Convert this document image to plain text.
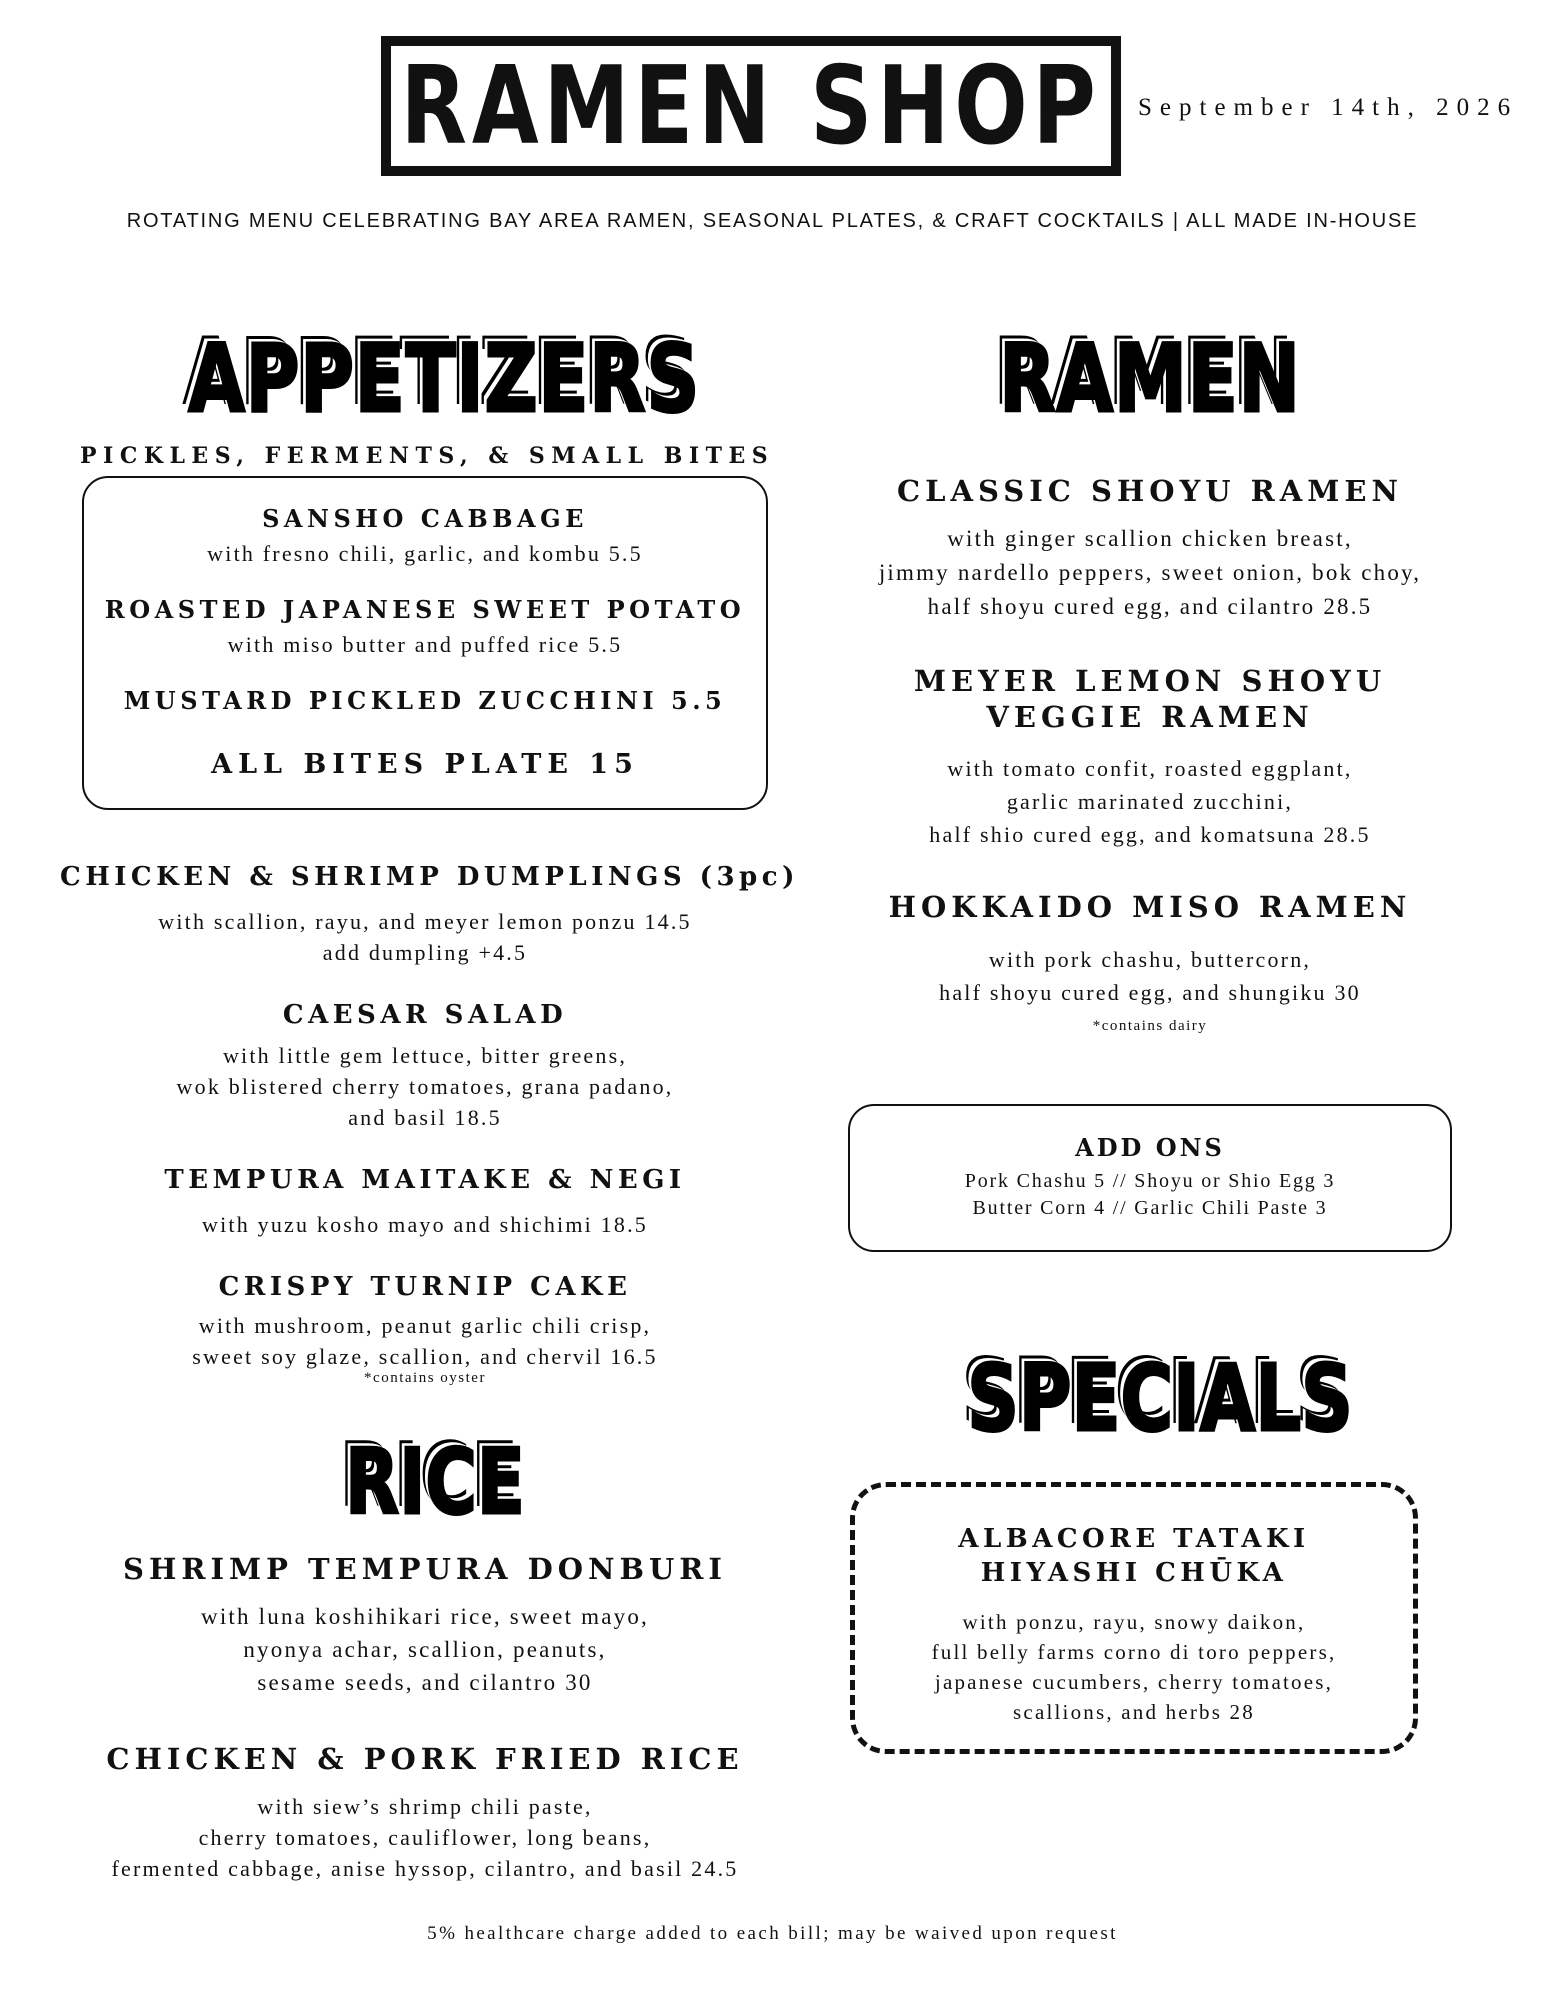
RAMEN SHOP September 14th, 2026
ROTATING MENU CELEBRATING BAY AREA RAMEN, SEASONAL PLATES, & CRAFT COCKTAILS | ALL MADE IN-HOUSE
APPETIZERS
PICKLES, FERMENTS, & SMALL BITES
SANSHO CABBAGE
with fresno chili, garlic, and kombu 5.5
ROASTED JAPANESE SWEET POTATO
with miso butter and puffed rice 5.5
MUSTARD PICKLED ZUCCHINI 5.5
ALL BITES PLATE 15
CHICKEN & SHRIMP DUMPLINGS (3pc)
with scallion, rayu, and meyer lemon ponzu 14.5
add dumpling +4.5
CAESAR SALAD
with little gem lettuce, bitter greens,
wok blistered cherry tomatoes, grana padano,
and basil 18.5
TEMPURA MAITAKE & NEGI
with yuzu kosho mayo and shichimi 18.5
CRISPY TURNIP CAKE
with mushroom, peanut garlic chili crisp,
sweet soy glaze, scallion, and chervil 16.5
*contains oyster
RICE
SHRIMP TEMPURA DONBURI
with luna koshihikari rice, sweet mayo,
nyonya achar, scallion, peanuts,
sesame seeds, and cilantro 30
CHICKEN & PORK FRIED RICE
with siew’s shrimp chili paste,
cherry tomatoes, cauliflower, long beans,
fermented cabbage, anise hyssop, cilantro, and basil 24.5
RAMEN
CLASSIC SHOYU RAMEN
with ginger scallion chicken breast,
jimmy nardello peppers, sweet onion, bok choy,
half shoyu cured egg, and cilantro 28.5
MEYER LEMON SHOYU
VEGGIE RAMEN
with tomato confit, roasted eggplant,
garlic marinated zucchini,
half shio cured egg, and komatsuna 28.5
HOKKAIDO MISO RAMEN
with pork chashu, buttercorn,
half shoyu cured egg, and shungiku 30
*contains dairy
ADD ONS
Pork Chashu 5 // Shoyu or Shio Egg 3
Butter Corn 4 // Garlic Chili Paste 3
SPECIALS
ALBACORE TATAKI
HIYASHI CHŪKA
with ponzu, rayu, snowy daikon,
full belly farms corno di toro peppers,
japanese cucumbers, cherry tomatoes,
scallions, and herbs 28
5% healthcare charge added to each bill; may be waived upon request
